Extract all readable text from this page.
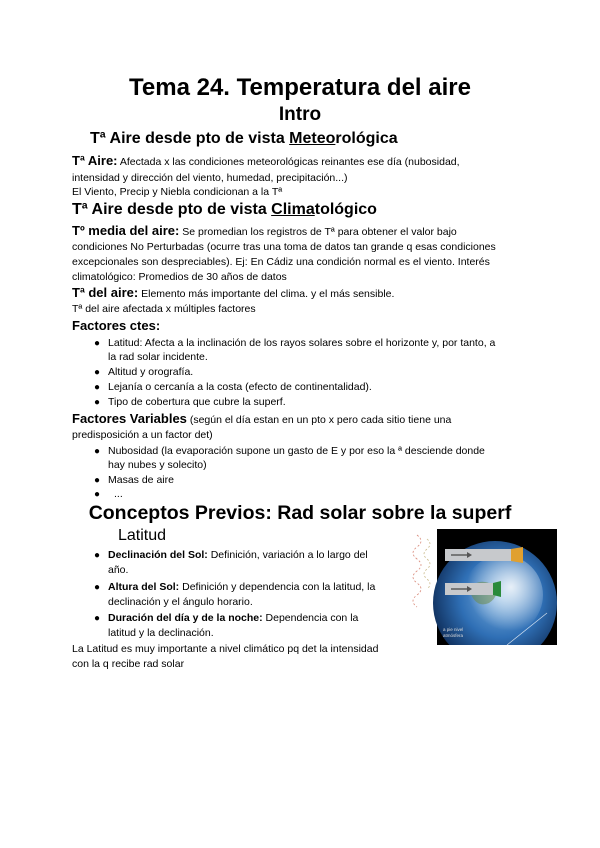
Tema 24. Temperatura del aire
Intro
Tª Aire desde pto de vista Meteorológica
Tª Aire: Afectada x las condiciones meteorológicas reinantes ese día (nubosidad,
intensidad y dirección del viento, humedad, precipitación...)
El Viento, Precip y Niebla condicionan a la Tª
Tª Aire desde pto de vista Climatológico
Tº media del aire: Se promedian los registros de Tª para obtener el valor bajo
condiciones No Perturbadas (ocurre tras una toma de datos tan grande q esas condiciones
excepcionales son despreciables). Ej: En Cádiz una condición normal es el viento. Interés
climatológico: Promedios de 30 años de datos
Tª del aire: Elemento más importante del clima. y el más sensible.
Tª del aire afectada x múltiples factores
Factores ctes:
● Latitud: Afecta a la inclinación de los rayos solares sobre el horizonte y, por tanto, a
la rad solar incidente.
● Altitud y orografía.
● Lejanía o cercanía a la costa (efecto de continentalidad).
● Tipo de cobertura que cubre la superf.
Factores Variables (según el día estan en un pto x pero cada sitio tiene una
predisposición a un factor det)
● Nubosidad (la evaporación supone un gasto de E y por eso la ª desciende donde
hay nubes y solecito)
● Masas de aire
● ...
Conceptos Previos: Rad solar sobre la superf
Latitud
● Declinación del Sol: Definición, variación a lo largo del
año.
● Altura del Sol: Definición y dependencia con la latitud, la
declinación y el ángulo horario.
● Duración del día y de la noche: Dependencia con la
latitud y la declinación.
La Latitud es muy importante a nivel climático pq det la intensidad
con la q recibe rad solar
a pie nivel
atmósfera
